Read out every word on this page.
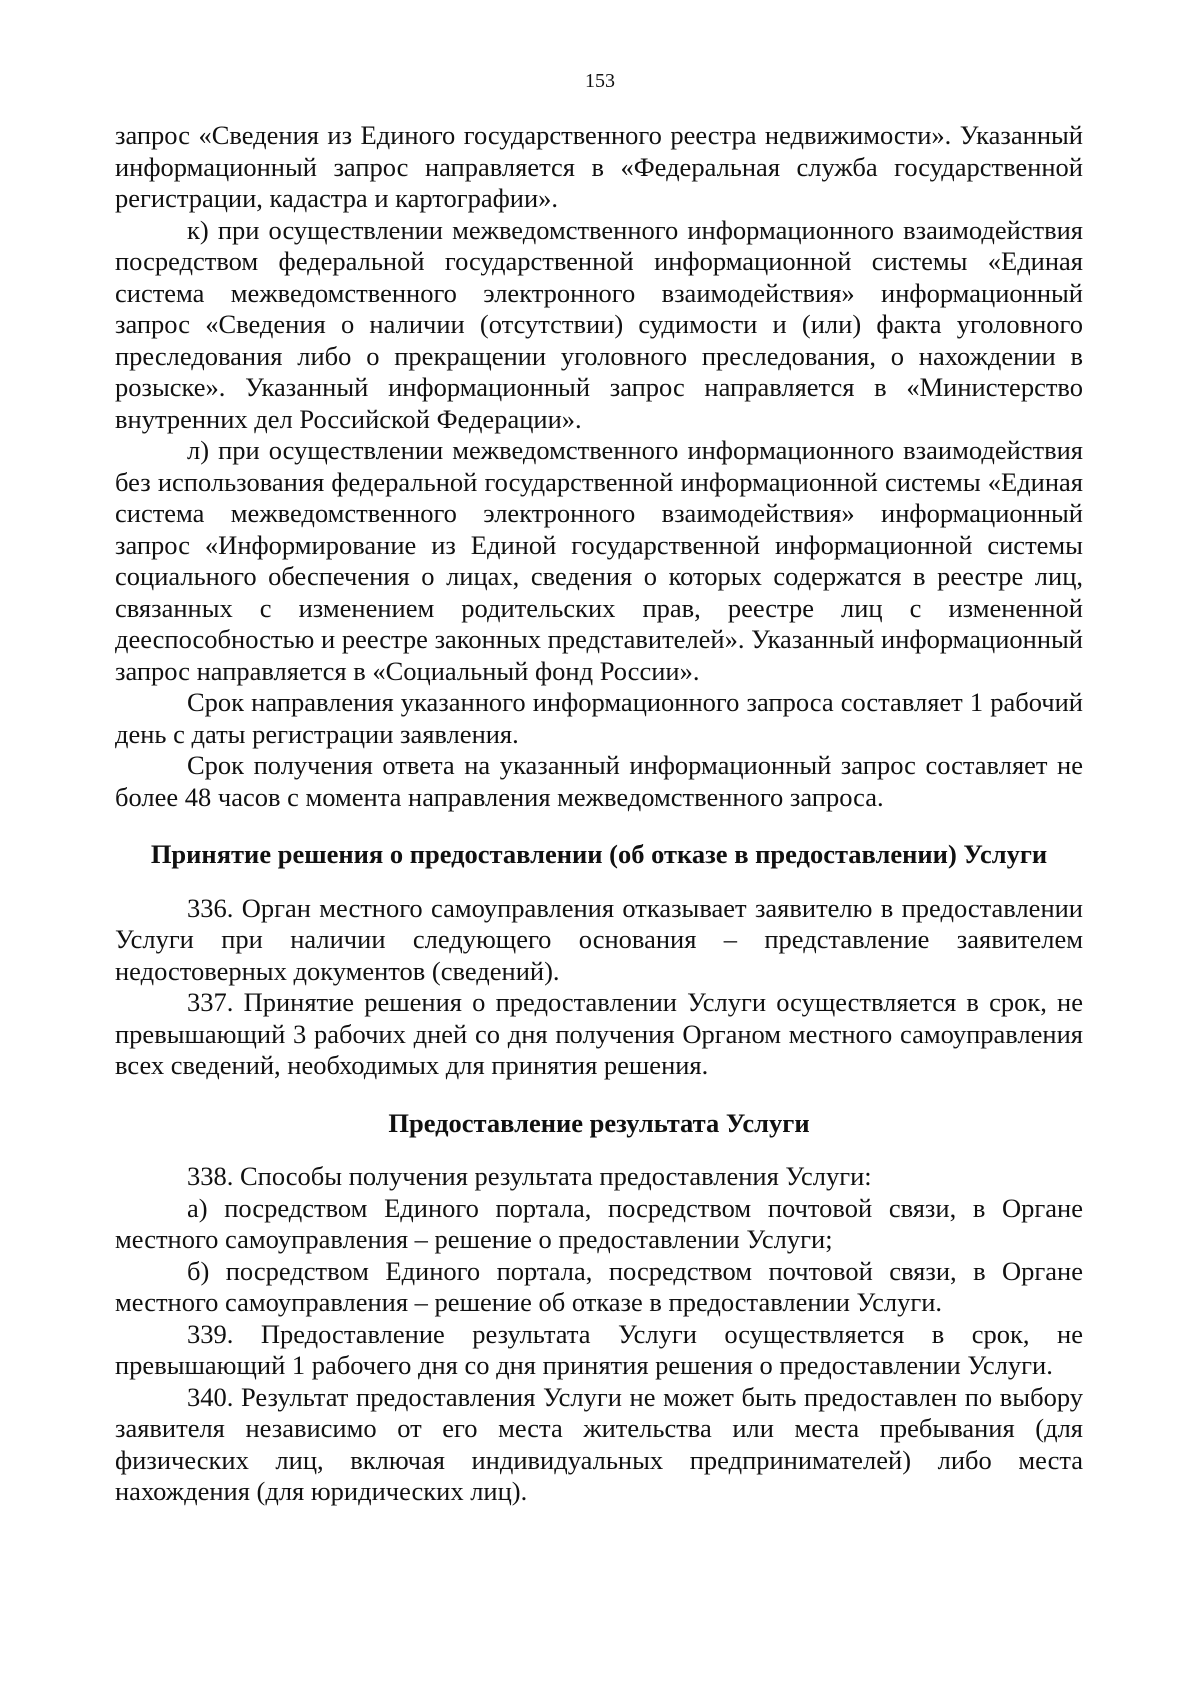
153

запрос «Сведения из Единого государственного реестра недвижимости». Указанный информационный запрос направляется в «Федеральная служба государственной регистрации, кадастра и картографии».

к) при осуществлении межведомственного информационного взаимодействия посредством федеральной государственной информационной системы «Единая система межведомственного электронного взаимодействия» информационный запрос «Сведения о наличии (отсутствии) судимости и (или) факта уголовного преследования либо о прекращении уголовного преследования, о нахождении в розыске». Указанный информационный запрос направляется в «Министерство внутренних дел Российской Федерации».

л) при осуществлении межведомственного информационного взаимодействия без использования федеральной государственной информационной системы «Единая система межведомственного электронного взаимодействия» информационный запрос «Информирование из Единой государственной информационной системы социального обеспечения о лицах, сведения о которых содержатся в реестре лиц, связанных с изменением родительских прав, реестре лиц с измененной дееспособностью и реестре законных представителей». Указанный информационный запрос направляется в «Социальный фонд России».

Срок направления указанного информационного запроса составляет 1 рабочий день с даты регистрации заявления.

Срок получения ответа на указанный информационный запрос составляет не более 48 часов с момента направления межведомственного запроса.

Принятие решения о предоставлении (об отказе в предоставлении) Услуги

336. Орган местного самоуправления отказывает заявителю в предоставлении Услуги при наличии следующего основания – представление заявителем недостоверных документов (сведений).

337. Принятие решения о предоставлении Услуги осуществляется в срок, не превышающий 3 рабочих дней со дня получения Органом местного самоуправления всех сведений, необходимых для принятия решения.

Предоставление результата Услуги

338. Способы получения результата предоставления Услуги:

а) посредством Единого портала, посредством почтовой связи, в Органе местного самоуправления – решение о предоставлении Услуги;

б) посредством Единого портала, посредством почтовой связи, в Органе местного самоуправления – решение об отказе в предоставлении Услуги.

339. Предоставление результата Услуги осуществляется в срок, не превышающий 1 рабочего дня со дня принятия решения о предоставлении Услуги.

340. Результат предоставления Услуги не может быть предоставлен по выбору заявителя независимо от его места жительства или места пребывания (для физических лиц, включая индивидуальных предпринимателей) либо места нахождения (для юридических лиц).
